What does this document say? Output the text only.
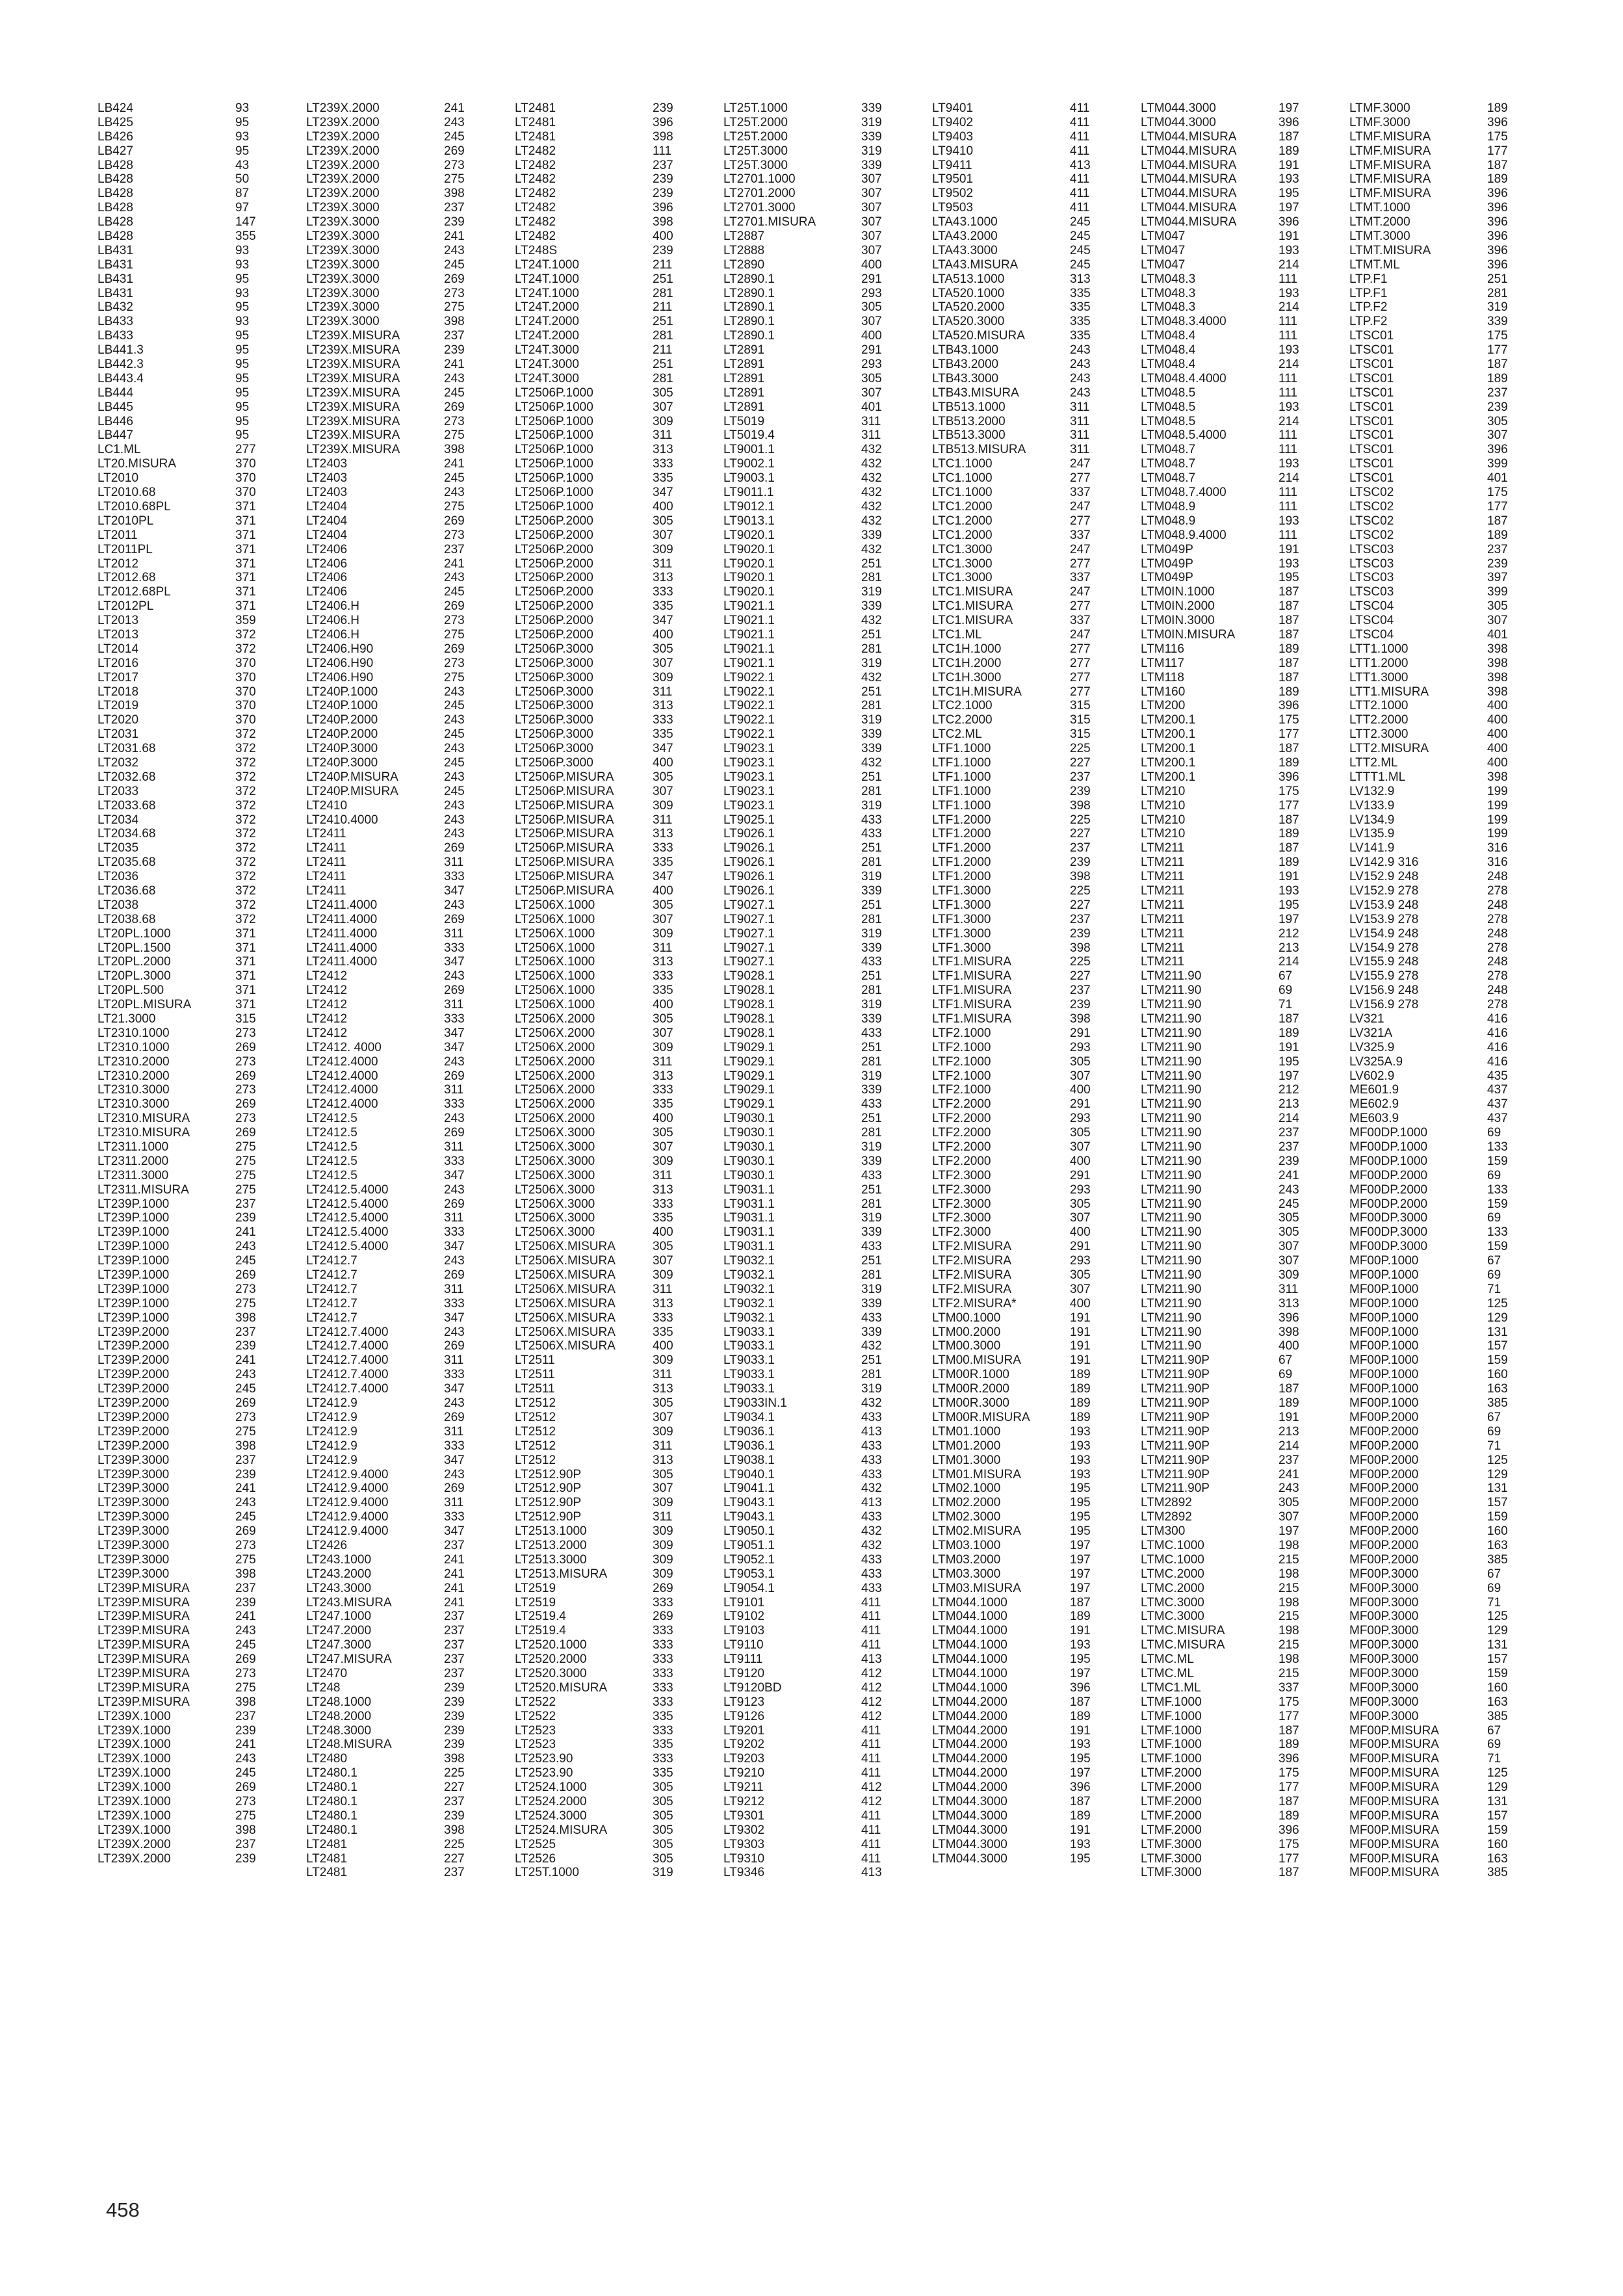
LB424	93
LB425	95
LB426	93
LB427	95
LB428	43
LB428	50
LB428	87
LB428	97
LB428	147
LB428	355
LB431	93
LB431	93
LB431	95
LB431	93
LB432	95
LB433	93
LB433	95
LB441.3	95
LB442.3	95
LB443.4	95
LB444	95
LB445	95
LB446	95
LB447	95
LC1.ML	277
LT20.MISURA	370
LT2010	370
LT2010.68	370
LT2010.68PL	371
LT2010PL	371
LT2011	371
LT2011PL	371
LT2012	371
LT2012.68	371
LT2012.68PL	371
LT2012PL	371
LT2013	359
LT2013	372
LT2014	372
LT2016	370
LT2017	370
LT2018	370
LT2019	370
LT2020	370
LT2031	372
LT2031.68	372
LT2032	372
LT2032.68	372
LT2033	372
LT2033.68	372
LT2034	372
LT2034.68	372
LT2035	372
LT2035.68	372
LT2036	372
LT2036.68	372
LT2038	372
LT2038.68	372
LT20PL.1000	371
LT20PL.1500	371
LT20PL.2000	371
LT20PL.3000	371
LT20PL.500	371
LT20PL.MISURA	371
LT21.3000	315
LT2310.1000	273
LT2310.1000	269
LT2310.2000	273
LT2310.2000	269
LT2310.3000	273
LT2310.3000	269
LT2310.MISURA	273
LT2310.MISURA	269
LT2311.1000	275
LT2311.2000	275
LT2311.3000	275
LT2311.MISURA	275
LT239P.1000	237
LT239P.1000	239
LT239P.1000	241
LT239P.1000	243
LT239P.1000	245
LT239P.1000	269
LT239P.1000	273
LT239P.1000	275
LT239P.1000	398
LT239P.2000	237
LT239P.2000	239
LT239P.2000	241
LT239P.2000	243
LT239P.2000	245
LT239P.2000	269
LT239P.2000	273
LT239P.2000	275
LT239P.2000	398
LT239P.3000	237
LT239P.3000	239
LT239P.3000	241
LT239P.3000	243
LT239P.3000	245
LT239P.3000	269
LT239P.3000	273
LT239P.3000	275
LT239P.3000	398
LT239P.MISURA	237
LT239P.MISURA	239
LT239P.MISURA	241
LT239P.MISURA	243
LT239P.MISURA	245
LT239P.MISURA	269
LT239P.MISURA	273
LT239P.MISURA	275
LT239P.MISURA	398
LT239X.1000	237
LT239X.1000	239
LT239X.1000	241
LT239X.1000	243
LT239X.1000	245
LT239X.1000	269
LT239X.1000	273
LT239X.1000	275
LT239X.1000	398
LT239X.2000	237
LT239X.2000	239
LT239X.2000	241
LT239X.2000	243
LT239X.2000	245
LT239X.2000	269
LT239X.2000	273
LT239X.2000	275
LT239X.2000	398
LT239X.3000	237
LT239X.3000	239
LT239X.3000	241
LT239X.3000	243
LT239X.3000	245
LT239X.3000	269
LT239X.3000	273
LT239X.3000	275
LT239X.3000	398
LT239X.MISURA	237
LT239X.MISURA	239
LT239X.MISURA	241
LT239X.MISURA	243
LT239X.MISURA	245
LT239X.MISURA	269
LT239X.MISURA	273
LT239X.MISURA	275
LT239X.MISURA	398
LT2403	241
LT2403	245
LT2403	243
LT2404	275
LT2404	269
LT2404	273
LT2406	237
LT2406	241
LT2406	243
LT2406	245
LT2406.H	269
LT2406.H	273
LT2406.H	275
LT2406.H90	269
LT2406.H90	273
LT2406.H90	275
LT240P.1000	243
LT240P.1000	245
LT240P.2000	243
LT240P.2000	245
LT240P.3000	243
LT240P.3000	245
LT240P.MISURA	243
LT240P.MISURA	245
LT2410	243
LT2410.4000	243
LT2411	243
LT2411	269
LT2411	311
LT2411	333
LT2411	347
LT2411.4000	243
LT2411.4000	269
LT2411.4000	311
LT2411.4000	333
LT2411.4000	347
LT2412	243
LT2412	269
LT2412	311
LT2412	333
LT2412	347
LT2412. 4000	347
LT2412.4000	243
LT2412.4000	269
LT2412.4000	311
LT2412.4000	333
LT2412.5	243
LT2412.5	269
LT2412.5	311
LT2412.5	333
LT2412.5	347
LT2412.5.4000	243
LT2412.5.4000	269
LT2412.5.4000	311
LT2412.5.4000	333
LT2412.5.4000	347
LT2412.7	243
LT2412.7	269
LT2412.7	311
LT2412.7	333
LT2412.7	347
LT2412.7.4000	243
LT2412.7.4000	269
LT2412.7.4000	311
LT2412.7.4000	333
LT2412.7.4000	347
LT2412.9	243
LT2412.9	269
LT2412.9	311
LT2412.9	333
LT2412.9	347
LT2412.9.4000	243
LT2412.9.4000	269
LT2412.9.4000	311
LT2412.9.4000	333
LT2412.9.4000	347
LT2426	237
LT243.1000	241
LT243.2000	241
LT243.3000	241
LT243.MISURA	241
LT247.1000	237
LT247.2000	237
LT247.3000	237
LT247.MISURA	237
LT2470	237
LT248	239
LT248.1000	239
LT248.2000	239
LT248.3000	239
LT248.MISURA	239
LT2480	398
LT2480.1	225
LT2480.1	227
LT2480.1	237
LT2480.1	239
LT2480.1	398
LT2481	225
LT2481	227
LT2481	237
LT2481	239
LT2481	396
LT2481	398
LT2482	111
LT2482	237
LT2482	239
LT2482	239
LT2482	396
LT2482	398
LT2482	400
LT248S	239
LT24T.1000	211
LT24T.1000	251
LT24T.1000	281
LT24T.2000	211
LT24T.2000	251
LT24T.2000	281
LT24T.3000	211
LT24T.3000	251
LT24T.3000	281
LT2506P.1000	305
LT2506P.1000	307
LT2506P.1000	309
LT2506P.1000	311
LT2506P.1000	313
LT2506P.1000	333
LT2506P.1000	335
LT2506P.1000	347
LT2506P.1000	400
LT2506P.2000	305
LT2506P.2000	307
LT2506P.2000	309
LT2506P.2000	311
LT2506P.2000	313
LT2506P.2000	333
LT2506P.2000	335
LT2506P.2000	347
LT2506P.2000	400
LT2506P.3000	305
LT2506P.3000	307
LT2506P.3000	309
LT2506P.3000	311
LT2506P.3000	313
LT2506P.3000	333
LT2506P.3000	335
LT2506P.3000	347
LT2506P.3000	400
LT2506P.MISURA	305
LT2506P.MISURA	307
LT2506P.MISURA	309
LT2506P.MISURA	311
LT2506P.MISURA	313
LT2506P.MISURA	333
LT2506P.MISURA	335
LT2506P.MISURA	347
LT2506P.MISURA	400
LT2506X.1000	305
LT2506X.1000	307
LT2506X.1000	309
LT2506X.1000	311
LT2506X.1000	313
LT2506X.1000	333
LT2506X.1000	335
LT2506X.1000	400
LT2506X.2000	305
LT2506X.2000	307
LT2506X.2000	309
LT2506X.2000	311
LT2506X.2000	313
LT2506X.2000	333
LT2506X.2000	335
LT2506X.2000	400
LT2506X.3000	305
LT2506X.3000	307
LT2506X.3000	309
LT2506X.3000	311
LT2506X.3000	313
LT2506X.3000	333
LT2506X.3000	335
LT2506X.3000	400
LT2506X.MISURA	305
LT2506X.MISURA	307
LT2506X.MISURA	309
LT2506X.MISURA	311
LT2506X.MISURA	313
LT2506X.MISURA	333
LT2506X.MISURA	335
LT2506X.MISURA	400
LT2511	309
LT2511	311
LT2511	313
LT2512	305
LT2512	307
LT2512	309
LT2512	311
LT2512	313
LT2512.90P	305
LT2512.90P	307
LT2512.90P	309
LT2512.90P	311
LT2513.1000	309
LT2513.2000	309
LT2513.3000	309
LT2513.MISURA	309
LT2519	269
LT2519	333
LT2519.4	269
LT2519.4	333
LT2520.1000	333
LT2520.2000	333
LT2520.3000	333
LT2520.MISURA	333
LT2522	333
LT2522	335
LT2523	333
LT2523	335
LT2523.90	333
LT2523.90	335
LT2524.1000	305
LT2524.2000	305
LT2524.3000	305
LT2524.MISURA	305
LT2525	305
LT2526	305
LT25T.1000	319
LT25T.1000	339
LT25T.2000	319
LT25T.2000	339
LT25T.3000	319
LT25T.3000	339
LT2701.1000	307
LT2701.2000	307
LT2701.3000	307
LT2701.MISURA	307
LT2887	307
LT2888	307
LT2890	400
LT2890.1	291
LT2890.1	293
LT2890.1	305
LT2890.1	307
LT2890.1	400
LT2891	291
LT2891	293
LT2891	305
LT2891	307
LT2891	401
LT5019	311
LT5019.4	311
LT9001.1	432
LT9002.1	432
LT9003.1	432
LT9011.1	432
LT9012.1	432
LT9013.1	432
LT9020.1	339
LT9020.1	432
LT9020.1	251
LT9020.1	281
LT9020.1	319
LT9021.1	339
LT9021.1	432
LT9021.1	251
LT9021.1	281
LT9021.1	319
LT9022.1	432
LT9022.1	251
LT9022.1	281
LT9022.1	319
LT9022.1	339
LT9023.1	339
LT9023.1	432
LT9023.1	251
LT9023.1	281
LT9023.1	319
LT9025.1	433
LT9026.1	433
LT9026.1	251
LT9026.1	281
LT9026.1	319
LT9026.1	339
LT9027.1	251
LT9027.1	281
LT9027.1	319
LT9027.1	339
LT9027.1	433
LT9028.1	251
LT9028.1	281
LT9028.1	319
LT9028.1	339
LT9028.1	433
LT9029.1	251
LT9029.1	281
LT9029.1	319
LT9029.1	339
LT9029.1	433
LT9030.1	251
LT9030.1	281
LT9030.1	319
LT9030.1	339
LT9030.1	433
LT9031.1	251
LT9031.1	281
LT9031.1	319
LT9031.1	339
LT9031.1	433
LT9032.1	251
LT9032.1	281
LT9032.1	319
LT9032.1	339
LT9032.1	433
LT9033.1	339
LT9033.1	432
LT9033.1	251
LT9033.1	281
LT9033.1	319
LT9033IN.1	432
LT9034.1	433
LT9036.1	413
LT9036.1	433
LT9038.1	433
LT9040.1	433
LT9041.1	432
LT9043.1	413
LT9043.1	433
LT9050.1	432
LT9051.1	432
LT9052.1	433
LT9053.1	433
LT9054.1	433
LT9101	411
LT9102	411
LT9103	411
LT9110	411
LT9111	413
LT9120	412
LT9120BD	412
LT9123	412
LT9126	412
LT9201	411
LT9202	411
LT9203	411
LT9210	411
LT9211	412
LT9212	412
LT9301	411
LT9302	411
LT9303	411
LT9310	411
LT9346	413
LT9401	411
LT9402	411
LT9403	411
LT9410	411
LT9411	413
LT9501	411
LT9502	411
LT9503	411
LTA43.1000	245
LTA43.2000	245
LTA43.3000	245
LTA43.MISURA	245
LTA513.1000	313
LTA520.1000	335
LTA520.2000	335
LTA520.3000	335
LTA520.MISURA	335
LTB43.1000	243
LTB43.2000	243
LTB43.3000	243
LTB43.MISURA	243
LTB513.1000	311
LTB513.2000	311
LTB513.3000	311
LTB513.MISURA	311
LTC1.1000	247
LTC1.1000	277
LTC1.1000	337
LTC1.2000	247
LTC1.2000	277
LTC1.2000	337
LTC1.3000	247
LTC1.3000	277
LTC1.3000	337
LTC1.MISURA	247
LTC1.MISURA	277
LTC1.MISURA	337
LTC1.ML	247
LTC1H.1000	277
LTC1H.2000	277
LTC1H.3000	277
LTC1H.MISURA	277
LTC2.1000	315
LTC2.2000	315
LTC2.ML	315
LTF1.1000	225
LTF1.1000	227
LTF1.1000	237
LTF1.1000	239
LTF1.1000	398
LTF1.2000	225
LTF1.2000	227
LTF1.2000	237
LTF1.2000	239
LTF1.2000	398
LTF1.3000	225
LTF1.3000	227
LTF1.3000	237
LTF1.3000	239
LTF1.3000	398
LTF1.MISURA	225
LTF1.MISURA	227
LTF1.MISURA	237
LTF1.MISURA	239
LTF1.MISURA	398
LTF2.1000	291
LTF2.1000	293
LTF2.1000	305
LTF2.1000	307
LTF2.1000	400
LTF2.2000	291
LTF2.2000	293
LTF2.2000	305
LTF2.2000	307
LTF2.2000	400
LTF2.3000	291
LTF2.3000	293
LTF2.3000	305
LTF2.3000	307
LTF2.3000	400
LTF2.MISURA	291
LTF2.MISURA	293
LTF2.MISURA	305
LTF2.MISURA	307
LTF2.MISURA*	400
LTM00.1000	191
LTM00.2000	191
LTM00.3000	191
LTM00.MISURA	191
LTM00R.1000	189
LTM00R.2000	189
LTM00R.3000	189
LTM00R.MISURA	189
LTM01.1000	193
LTM01.2000	193
LTM01.3000	193
LTM01.MISURA	193
LTM02.1000	195
LTM02.2000	195
LTM02.3000	195
LTM02.MISURA	195
LTM03.1000	197
LTM03.2000	197
LTM03.3000	197
LTM03.MISURA	197
LTM044.1000	187
LTM044.1000	189
LTM044.1000	191
LTM044.1000	193
LTM044.1000	195
LTM044.1000	197
LTM044.1000	396
LTM044.2000	187
LTM044.2000	189
LTM044.2000	191
LTM044.2000	193
LTM044.2000	195
LTM044.2000	197
LTM044.2000	396
LTM044.3000	187
LTM044.3000	189
LTM044.3000	191
LTM044.3000	193
LTM044.3000	195
LTM044.3000	197
LTM044.3000	396
LTM044.MISURA	187
LTM044.MISURA	189
LTM044.MISURA	191
LTM044.MISURA	193
LTM044.MISURA	195
LTM044.MISURA	197
LTM044.MISURA	396
LTM047	191
LTM047	193
LTM047	214
LTM048.3	111
LTM048.3	193
LTM048.3	214
LTM048.3.4000	111
LTM048.4	111
LTM048.4	193
LTM048.4	214
LTM048.4.4000	111
LTM048.5	111
LTM048.5	193
LTM048.5	214
LTM048.5.4000	111
LTM048.7	111
LTM048.7	193
LTM048.7	214
LTM048.7.4000	111
LTM048.9	111
LTM048.9	193
LTM048.9.4000	111
LTM049P	191
LTM049P	193
LTM049P	195
LTM0IN.1000	187
LTM0IN.2000	187
LTM0IN.3000	187
LTM0IN.MISURA	187
LTM116	189
LTM117	187
LTM118	187
LTM160	189
LTM200	396
LTM200.1	175
LTM200.1	177
LTM200.1	187
LTM200.1	189
LTM200.1	396
LTM210	175
LTM210	177
LTM210	187
LTM210	189
LTM211	187
LTM211	189
LTM211	191
LTM211	193
LTM211	195
LTM211	197
LTM211	212
LTM211	213
LTM211	214
LTM211.90	67
LTM211.90	69
LTM211.90	71
LTM211.90	187
LTM211.90	189
LTM211.90	191
LTM211.90	195
LTM211.90	197
LTM211.90	212
LTM211.90	213
LTM211.90	214
LTM211.90	237
LTM211.90	237
LTM211.90	239
LTM211.90	241
LTM211.90	243
LTM211.90	245
LTM211.90	305
LTM211.90	305
LTM211.90	307
LTM211.90	307
LTM211.90	309
LTM211.90	311
LTM211.90	313
LTM211.90	396
LTM211.90	398
LTM211.90	400
LTM211.90P	67
LTM211.90P	69
LTM211.90P	187
LTM211.90P	189
LTM211.90P	191
LTM211.90P	213
LTM211.90P	214
LTM211.90P	237
LTM211.90P	241
LTM211.90P	243
LTM2892	305
LTM2892	307
LTM300	197
LTMC.1000	198
LTMC.1000	215
LTMC.2000	198
LTMC.2000	215
LTMC.3000	198
LTMC.3000	215
LTMC.MISURA	198
LTMC.MISURA	215
LTMC.ML	198
LTMC.ML	215
LTMC1.ML	337
LTMF.1000	175
LTMF.1000	177
LTMF.1000	187
LTMF.1000	189
LTMF.1000	396
LTMF.2000	175
LTMF.2000	177
LTMF.2000	187
LTMF.2000	189
LTMF.2000	396
LTMF.3000	175
LTMF.3000	177
LTMF.3000	187
LTMF.3000	189
LTMF.3000	396
LTMF.MISURA	175
LTMF.MISURA	177
LTMF.MISURA	187
LTMF.MISURA	189
LTMF.MISURA	396
LTMT.1000	396
LTMT.2000	396
LTMT.3000	396
LTMT.MISURA	396
LTMT.ML	396
LTP.F1	251
LTP.F1	281
LTP.F2	319
LTP.F2	339
LTSC01	175
LTSC01	177
LTSC01	187
LTSC01	189
LTSC01	237
LTSC01	239
LTSC01	305
LTSC01	307
LTSC01	396
LTSC01	399
LTSC01	401
LTSC02	175
LTSC02	177
LTSC02	187
LTSC02	189
LTSC03	237
LTSC03	239
LTSC03	397
LTSC03	399
LTSC04	305
LTSC04	307
LTSC04	401
LTT1.1000	398
LTT1.2000	398
LTT1.3000	398
LTT1.MISURA	398
LTT2.1000	400
LTT2.2000	400
LTT2.3000	400
LTT2.MISURA	400
LTT2.ML	400
LTTT1.ML	398
LV132.9	199
LV133.9	199
LV134.9	199
LV135.9	199
LV141.9	316
LV142.9 316	316
LV152.9 248	248
LV152.9 278	278
LV153.9 248	248
LV153.9 278	278
LV154.9 248	248
LV154.9 278	278
LV155.9 248	248
LV155.9 278	278
LV156.9 248	248
LV156.9 278	278
LV321	416
LV321A	416
LV325.9	416
LV325A.9	416
LV602.9	435
ME601.9	437
ME602.9	437
ME603.9	437
MF00DP.1000	69
MF00DP.1000	133
MF00DP.1000	159
MF00DP.2000	69
MF00DP.2000	133
MF00DP.2000	159
MF00DP.3000	69
MF00DP.3000	133
MF00DP.3000	159
MF00P.1000	67
MF00P.1000	69
MF00P.1000	71
MF00P.1000	125
MF00P.1000	129
MF00P.1000	131
MF00P.1000	157
MF00P.1000	159
MF00P.1000	160
MF00P.1000	163
MF00P.1000	385
MF00P.2000	67
MF00P.2000	69
MF00P.2000	71
MF00P.2000	125
MF00P.2000	129
MF00P.2000	131
MF00P.2000	157
MF00P.2000	159
MF00P.2000	160
MF00P.2000	163
MF00P.2000	385
MF00P.3000	67
MF00P.3000	69
MF00P.3000	71
MF00P.3000	125
MF00P.3000	129
MF00P.3000	131
MF00P.3000	157
MF00P.3000	159
MF00P.3000	160
MF00P.3000	163
MF00P.3000	385
MF00P.MISURA	67
MF00P.MISURA	69
MF00P.MISURA	71
MF00P.MISURA	125
MF00P.MISURA	129
MF00P.MISURA	131
MF00P.MISURA	157
MF00P.MISURA	159
MF00P.MISURA	160
MF00P.MISURA	163
MF00P.MISURA	385
458
